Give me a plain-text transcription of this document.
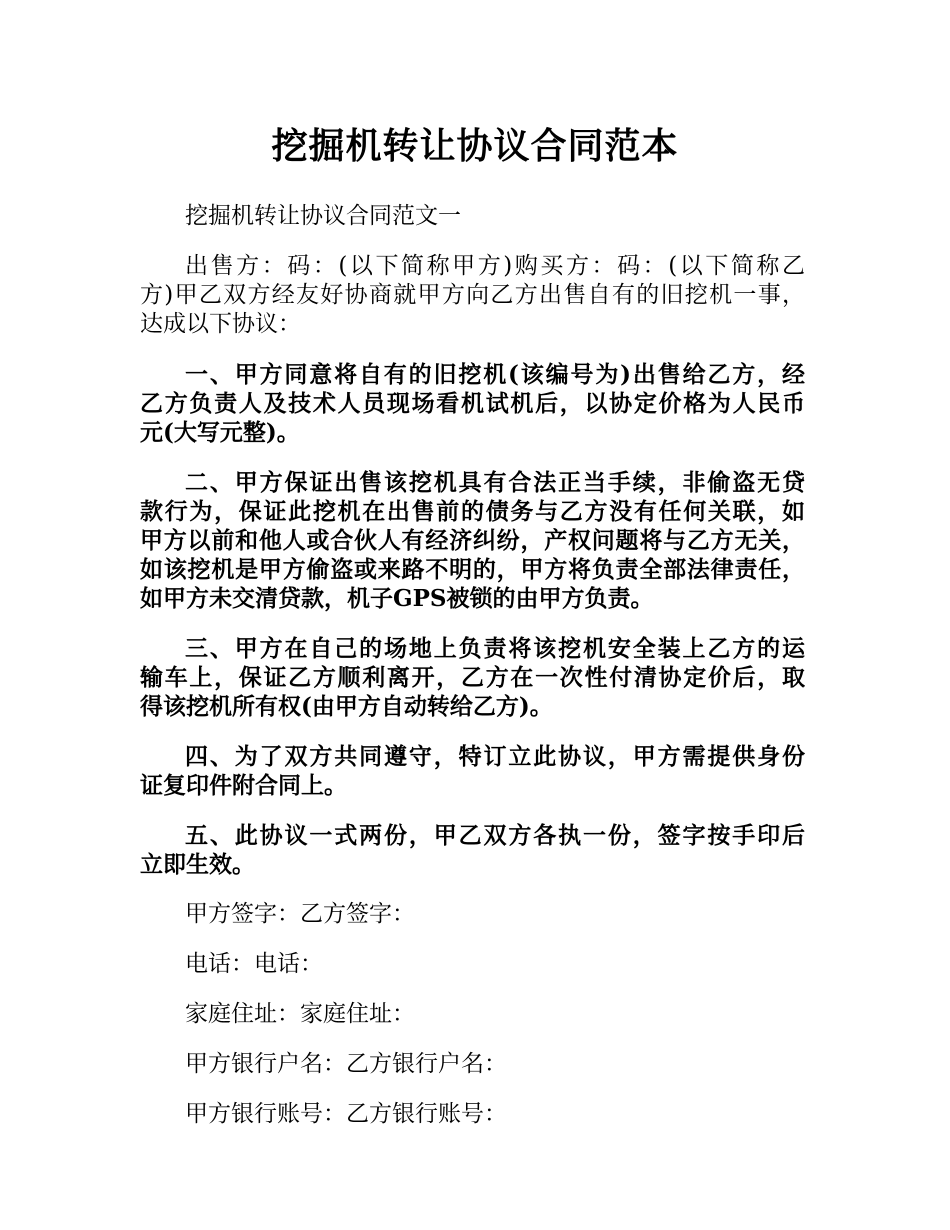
挖掘机转让协议合同范本
挖掘机转让协议合同范文一
出售方：码：(以下简称甲方)购买方：码：(以下简称乙
方)甲乙双方经友好协商就甲方向乙方出售自有的旧挖机一事，
达成以下协议：
一、甲方同意将自有的旧挖机(该编号为)出售给乙方，经
乙方负责人及技术人员现场看机试机后，以协定价格为人民币
元(大写元整)。
二、甲方保证出售该挖机具有合法正当手续，非偷盗无贷
款行为，保证此挖机在出售前的债务与乙方没有任何关联，如
甲方以前和他人或合伙人有经济纠纷，产权问题将与乙方无关，
如该挖机是甲方偷盗或来路不明的，甲方将负责全部法律责任，
如甲方未交清贷款，机子GPS被锁的由甲方负责。
三、甲方在自己的场地上负责将该挖机安全装上乙方的运
输车上，保证乙方顺利离开，乙方在一次性付清协定价后，取
得该挖机所有权(由甲方自动转给乙方)。
四、为了双方共同遵守，特订立此协议，甲方需提供身份
证复印件附合同上。
五、此协议一式两份，甲乙双方各执一份，签字按手印后
立即生效。
甲方签字：乙方签字：
电话：电话：
家庭住址：家庭住址：
甲方银行户名：乙方银行户名：
甲方银行账号：乙方银行账号：
